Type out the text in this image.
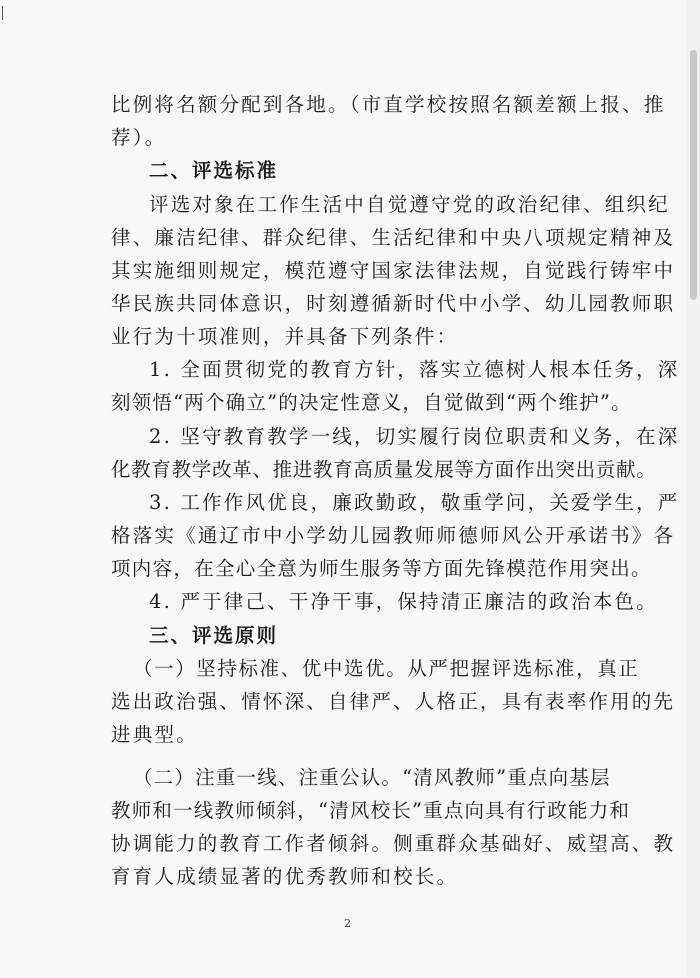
比例将名额分配到各地。（市直学校按照名额差额上报、推
荐）。
二、评选标准
评选对象在工作生活中自觉遵守党的政治纪律、组织纪
律、廉洁纪律、群众纪律、生活纪律和中央八项规定精神及
其实施细则规定，模范遵守国家法律法规，自觉践行铸牢中
华民族共同体意识，时刻遵循新时代中小学、幼儿园教师职
业行为十项准则，并具备下列条件：
1. 全面贯彻党的教育方针，落实立德树人根本任务，深
刻领悟“两个确立”的决定性意义，自觉做到“两个维护”。
2. 坚守教育教学一线，切实履行岗位职责和义务，在深
化教育教学改革、推进教育高质量发展等方面作出突出贡献。
3. 工作作风优良，廉政勤政，敬重学问，关爱学生，严
格落实《通辽市中小学幼儿园教师师德师风公开承诺书》各
项内容，在全心全意为师生服务等方面先锋模范作用突出。
4. 严于律己、干净干事，保持清正廉洁的政治本色。
三、评选原则
（一）坚持标准、优中选优。从严把握评选标准，真正
选出政治强、情怀深、自律严、人格正，具有表率作用的先
进典型。
（二）注重一线、注重公认。“清风教师”重点向基层
教师和一线教师倾斜，“清风校长”重点向具有行政能力和
协调能力的教育工作者倾斜。侧重群众基础好、威望高、教
育育人成绩显著的优秀教师和校长。
2
